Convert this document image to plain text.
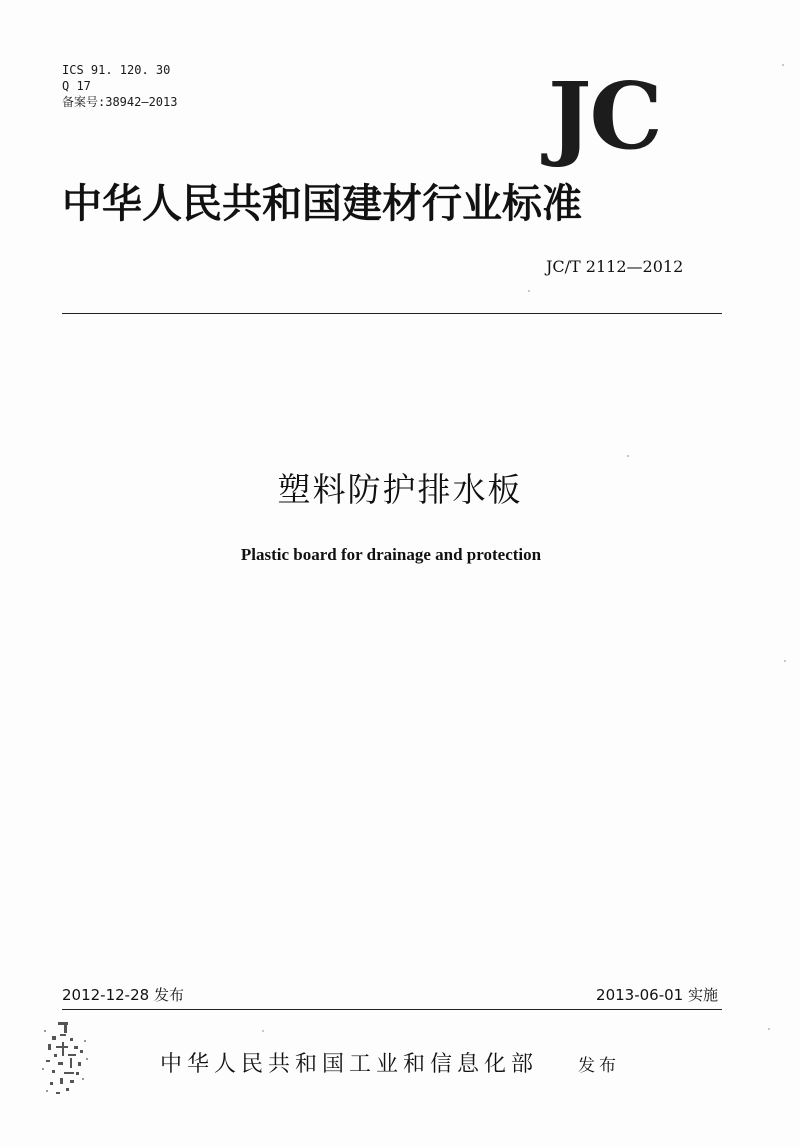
ICS 91. 120. 30
Q 17
备案号:38942—2013	JC
中华人民共和国建材行业标准
JC/T 2112—2012
塑料防护排水板
Plastic board for drainage and protection
2012-12-28 发布	2013-06-01 实施
中华人民共和国工业和信息化部 发布
